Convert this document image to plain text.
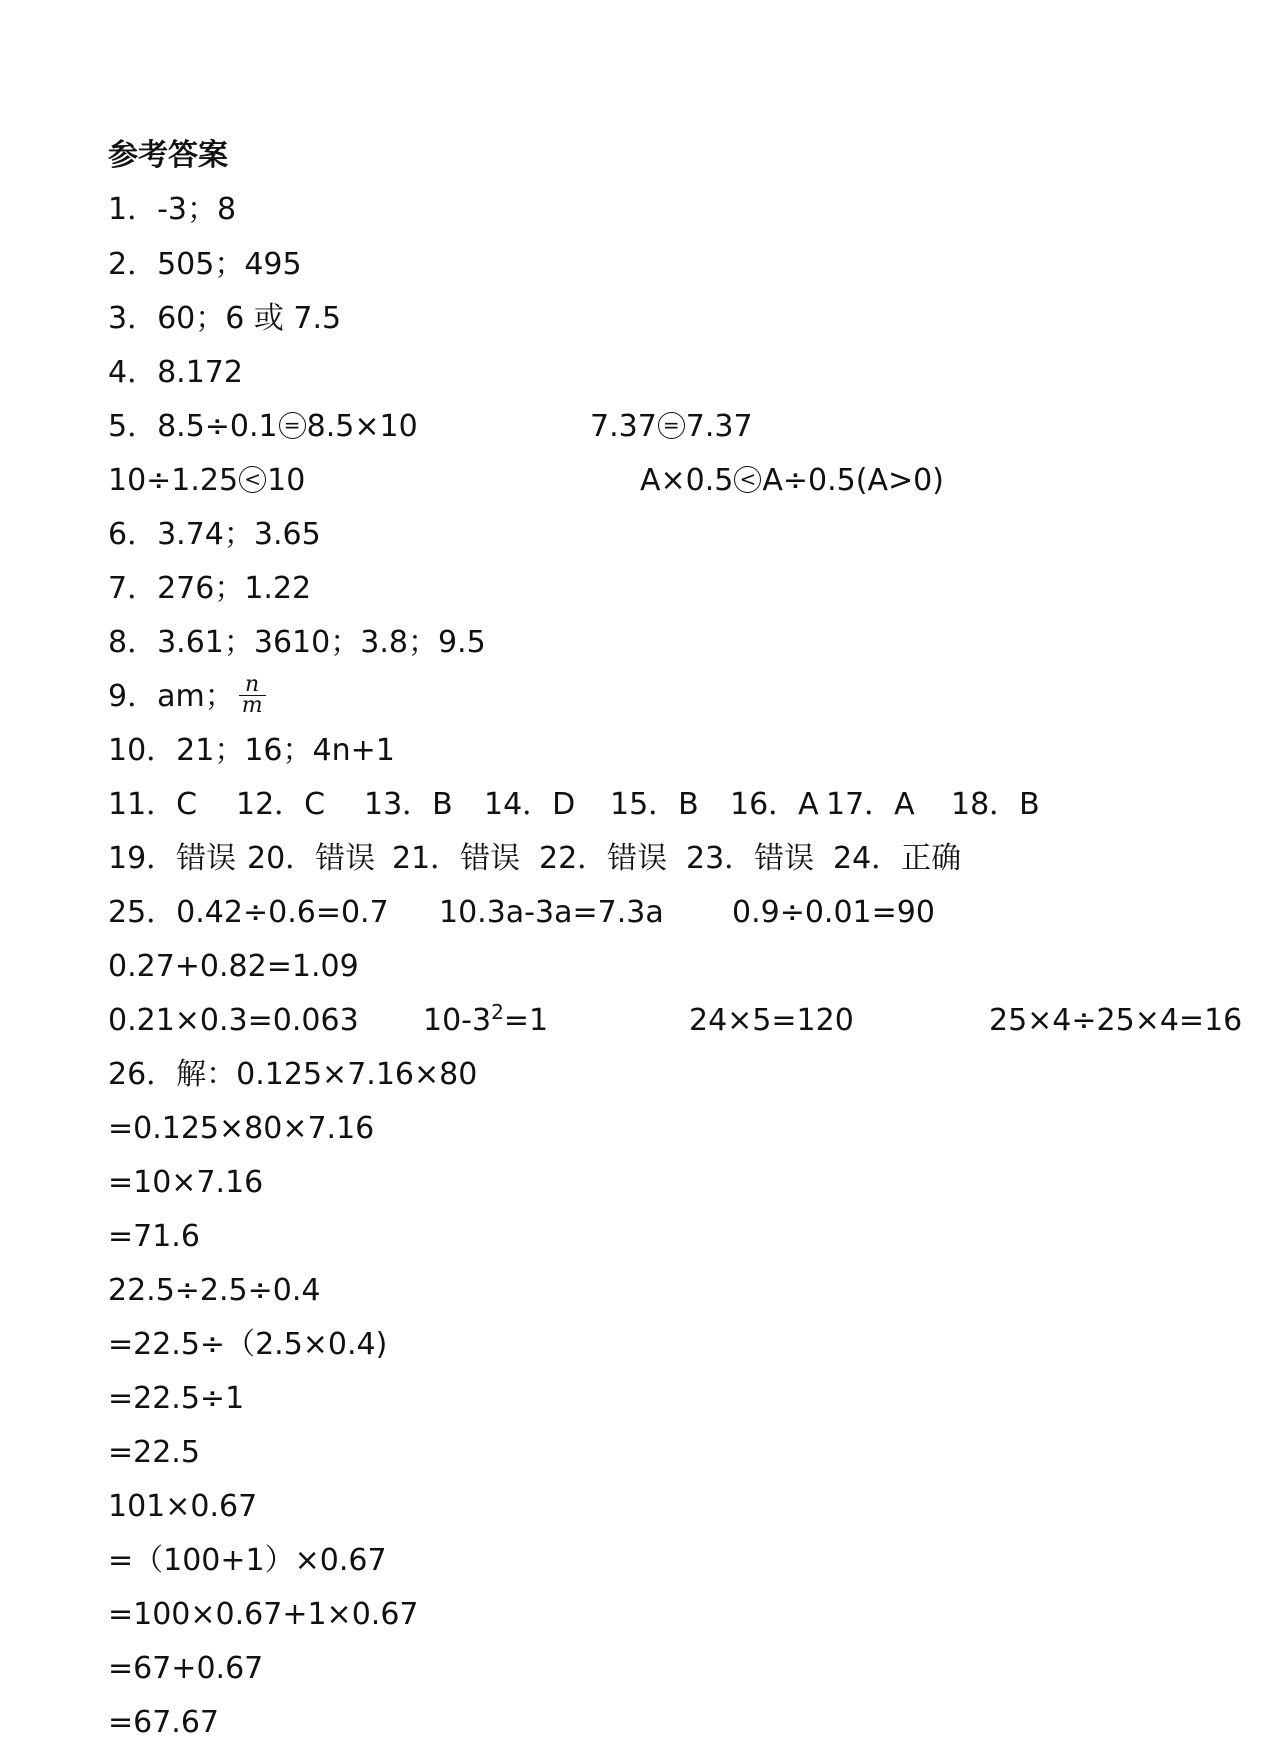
参考答案
1．-3；8
2．505；495
3．60；6 或 7.5
4．8.172
5．8.5÷0.1 = 8.5×10	7.37 = 7.37
10÷1.25 < 10	A×0.5 < A÷0.5(A>0)
6．3.74；3.65
7．276；1.22
8．3.61；3610；3.8；9.5
9．am； $\frac{n}{m}$
10．21；16；4n+1
11．C 12．C 13．B 14．D 15．B 16．A 17．A 18．B
19．错误 20．错误 21．错误 22．错误 23．错误 24．正确
25．0.42÷0.6=0.7 10.3a-3a=7.3a 0.9÷0.01=90
0.27+0.82=1.09
0.21×0.3=0.063 $10-3^2=1$	24×5=120	25×4÷25×4=16
26．解：0.125×7.16×80
=0.125×80×7.16
=10×7.16
=71.6
22.5÷2.5÷0.4
=22.5÷（2.5×0.4)
=22.5÷1
=22.5
101×0.67
=（100+1）×0.67
=100×0.67+1×0.67
=67+0.67
=67.67
